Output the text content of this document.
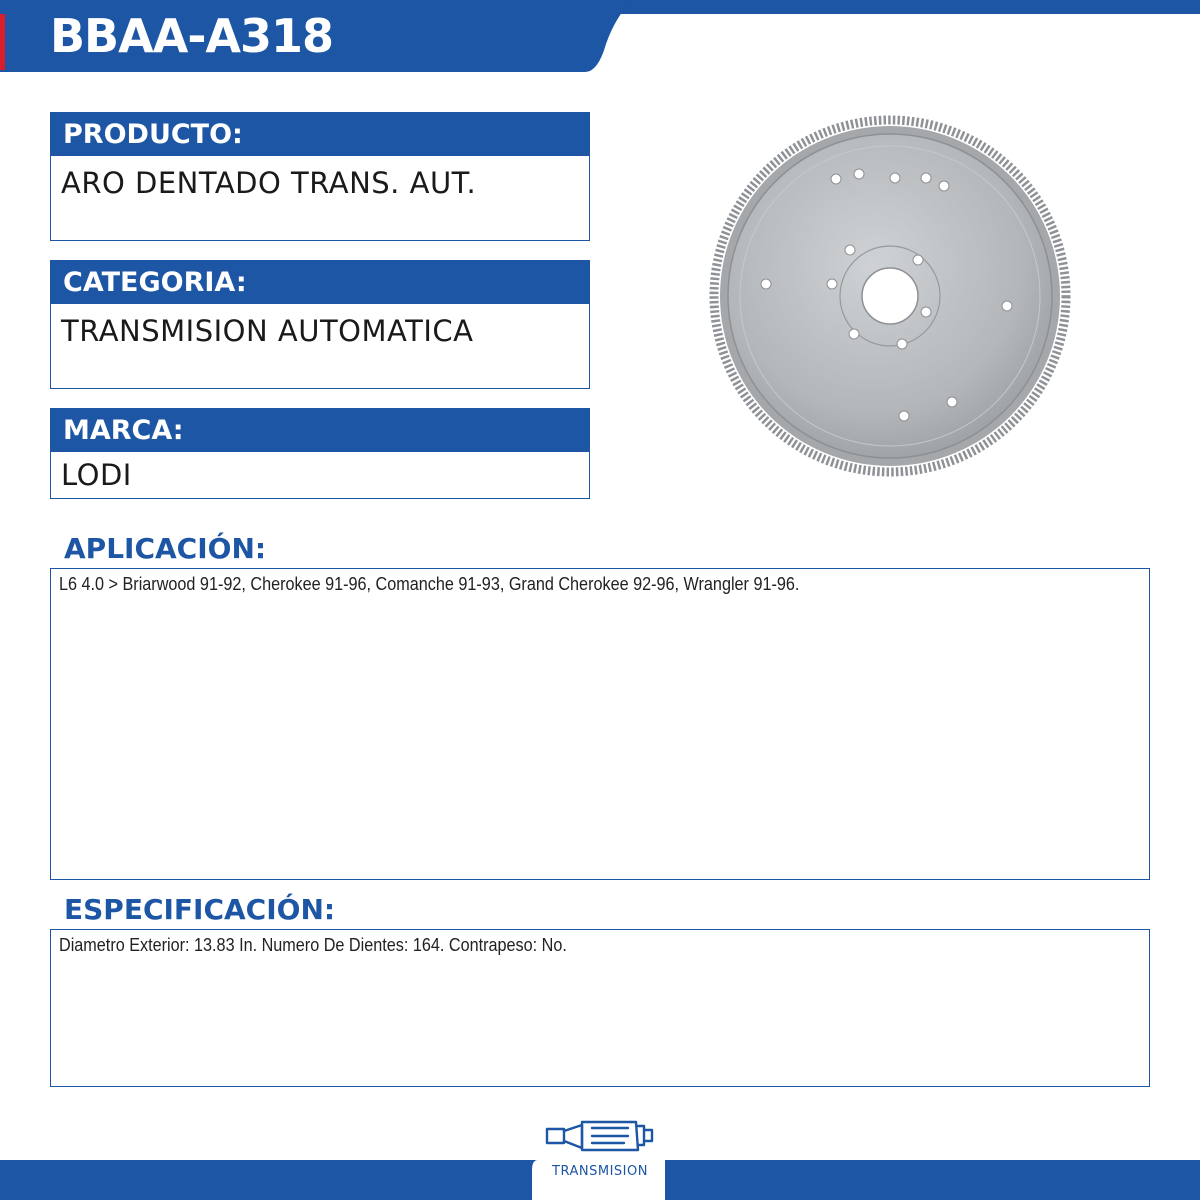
BBAA-A318
PRODUCTO:
ARO DENTADO TRANS. AUT.
CATEGORIA:
TRANSMISION AUTOMATICA
MARCA:
LODI
APLICACIÓN:
L6 4.0 > Briarwood 91-92, Cherokee 91-96, Comanche 91-93, Grand Cherokee 92-96, Wrangler 91-96.
ESPECIFICACIÓN:
Diametro Exterior: 13.83 In. Numero De Dientes: 164. Contrapeso: No.
TRANSMISION
